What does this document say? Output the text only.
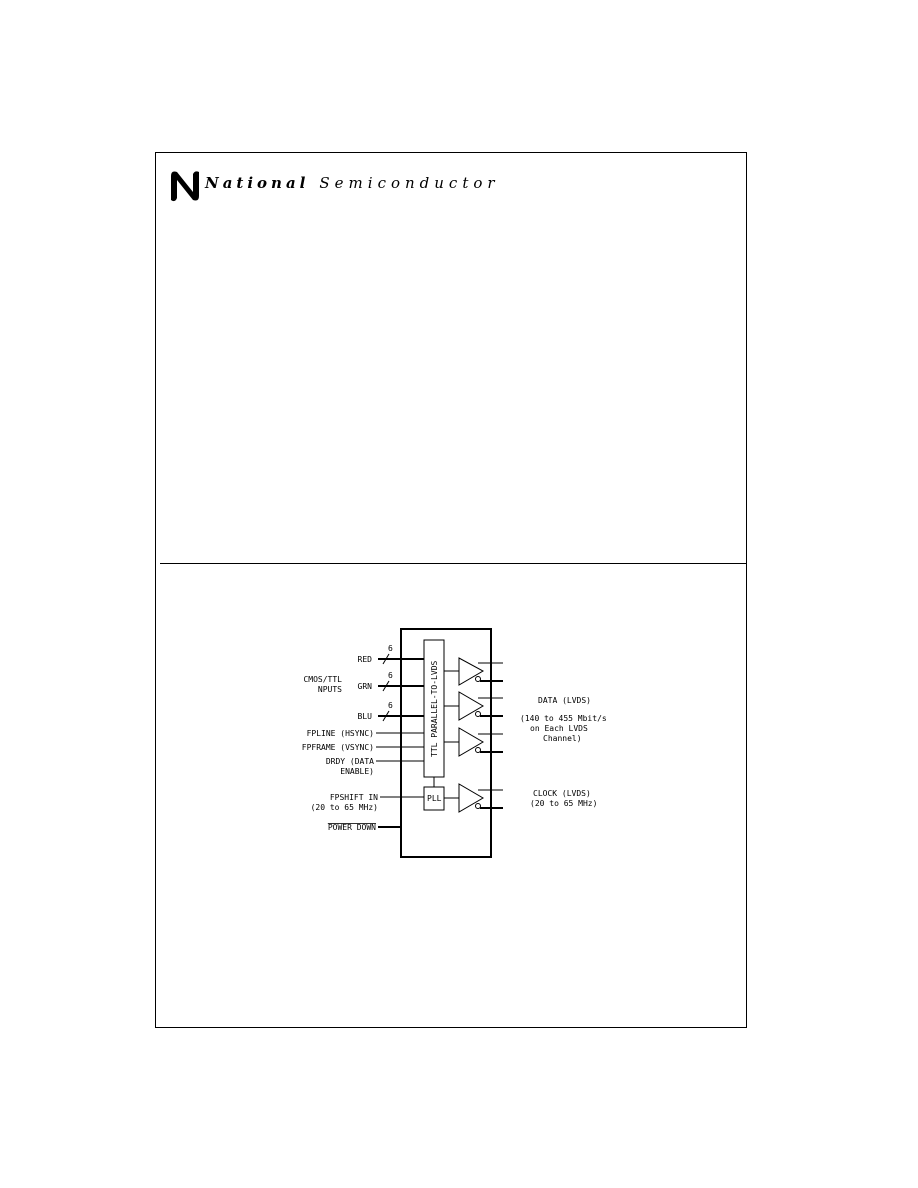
National Semiconductor
TTL PARALLEL-TO-LVDS
PLL
6
6
6
RED
GRN
BLU
CMOS/TTL
NPUTS
FPLINE (HSYNC)
FPFRAME (VSYNC)
DRDY (DATA
ENABLE)
FPSHIFT IN
(20 to 65 MHz)
POWER DOWN
DATA (LVDS)
(140 to 455 Mbit/s
on Each LVDS
Channel)
CLOCK (LVDS)
(20 to 65 MHz)
